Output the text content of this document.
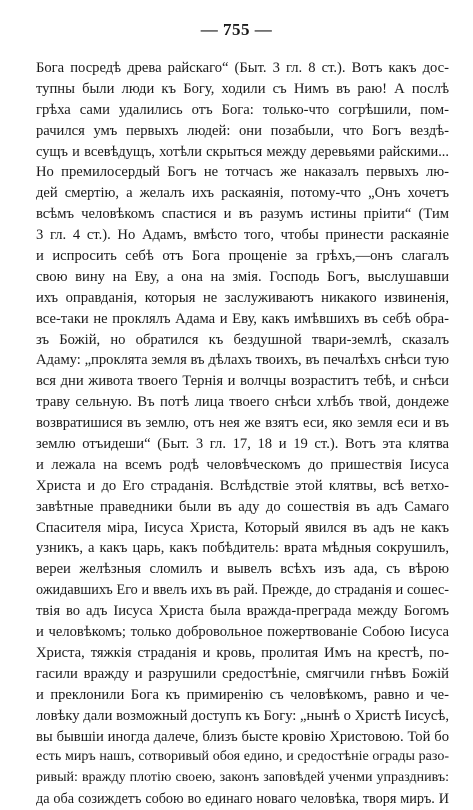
— 755 —
Бога посредѣ древа райскаго“ (Быт. 3 гл. 8 ст.). Вотъ какъ дос-
тупны были люди къ Богу, ходили съ Нимъ въ раю! А послѣ
грѣха сами удалились отъ Бога: только-что согрѣшили, пом-
рачился умъ первыхъ людей: они позабыли, что Богъ вездѣ-
сущъ и всевѣдущъ, хотѣли скрыться между деревьями райскими...
Но премилосердый Богъ не тотчасъ же наказалъ первыхъ лю-
дей смертію, а желалъ ихъ раскаянія, потому-что „Онъ хочетъ
всѣмъ человѣкомъ спастися и въ разумъ истины пріити“ (Тим
3 гл. 4 ст.). Но Адамъ, вмѣсто того, чтобы принести раскаяніе
и испросить себѣ отъ Бога прощеніе за грѣхъ,—онъ слагалъ
свою вину на Еву, а она на змія. Господь Богъ, выслушавши
ихъ оправданія, которыя не заслуживаютъ никакого извиненія,
все-таки не проклялъ Адама и Еву, какъ имѣвшихъ въ себѣ обра-
зъ Божій, но обратился къ бездушной твари-землѣ, сказалъ
Адаму: „проклята земля въ дѣлахъ твоихъ, въ печалѣхъ снѣси тую
вся дни живота твоего Тернія и волчцы возраститъ тебѣ, и снѣси
траву сельную. Въ потѣ лица твоего снѣси хлѣбъ твой, дондеже
возвратишися въ землю, отъ нея же взятъ еси, яко земля еси и въ
землю отъидеши“ (Быт. 3 гл. 17, 18 и 19 ст.). Вотъ эта клятва
и лежала на всемъ родѣ человѣческомъ до пришествія Іисуса
Христа и до Его страданія. Вслѣдствіе этой клятвы, всѣ ветхо-
завѣтные праведники были въ аду до сошествія въ адъ Самаго
Спасителя міра, Іисуса Христа, Который явился въ адъ не какъ
узникъ, а какъ царь, какъ побѣдитель: врата мѣдныя сокрушилъ,
вереи желѣзныя сломилъ и вывелъ всѣхъ изъ ада, съ вѣрою
ожидавшихъ Его и ввелъ ихъ въ рай. Прежде, до страданія и сошес-
твія во адъ Іисуса Христа была вражда-преграда между Богомъ
и человѣкомъ; только добровольное пожертвованіе Собою Іисуса
Христа, тяжкія страданія и кровь, пролитая Имъ на крестѣ, по-
гасили вражду и разрушили средостѣніе, смягчили гнѣвъ Божій
и преклонили Бога къ примиренію съ человѣкомъ, равно и че-
ловѣку дали возможный доступъ къ Богу: „нынѣ о Христѣ Іисусѣ,
вы бывшіи иногда далече, близъ бысте кровію Христовою. Той бо
есть миръ нашъ, сотворивый обоя едино, и средостѣніе ограды разо-
ривый: вражду плотію своею, законъ заповѣдей ученми упразднивъ:
да оба созиждетъ собою во единаго новаго человѣка, творя миръ. И
